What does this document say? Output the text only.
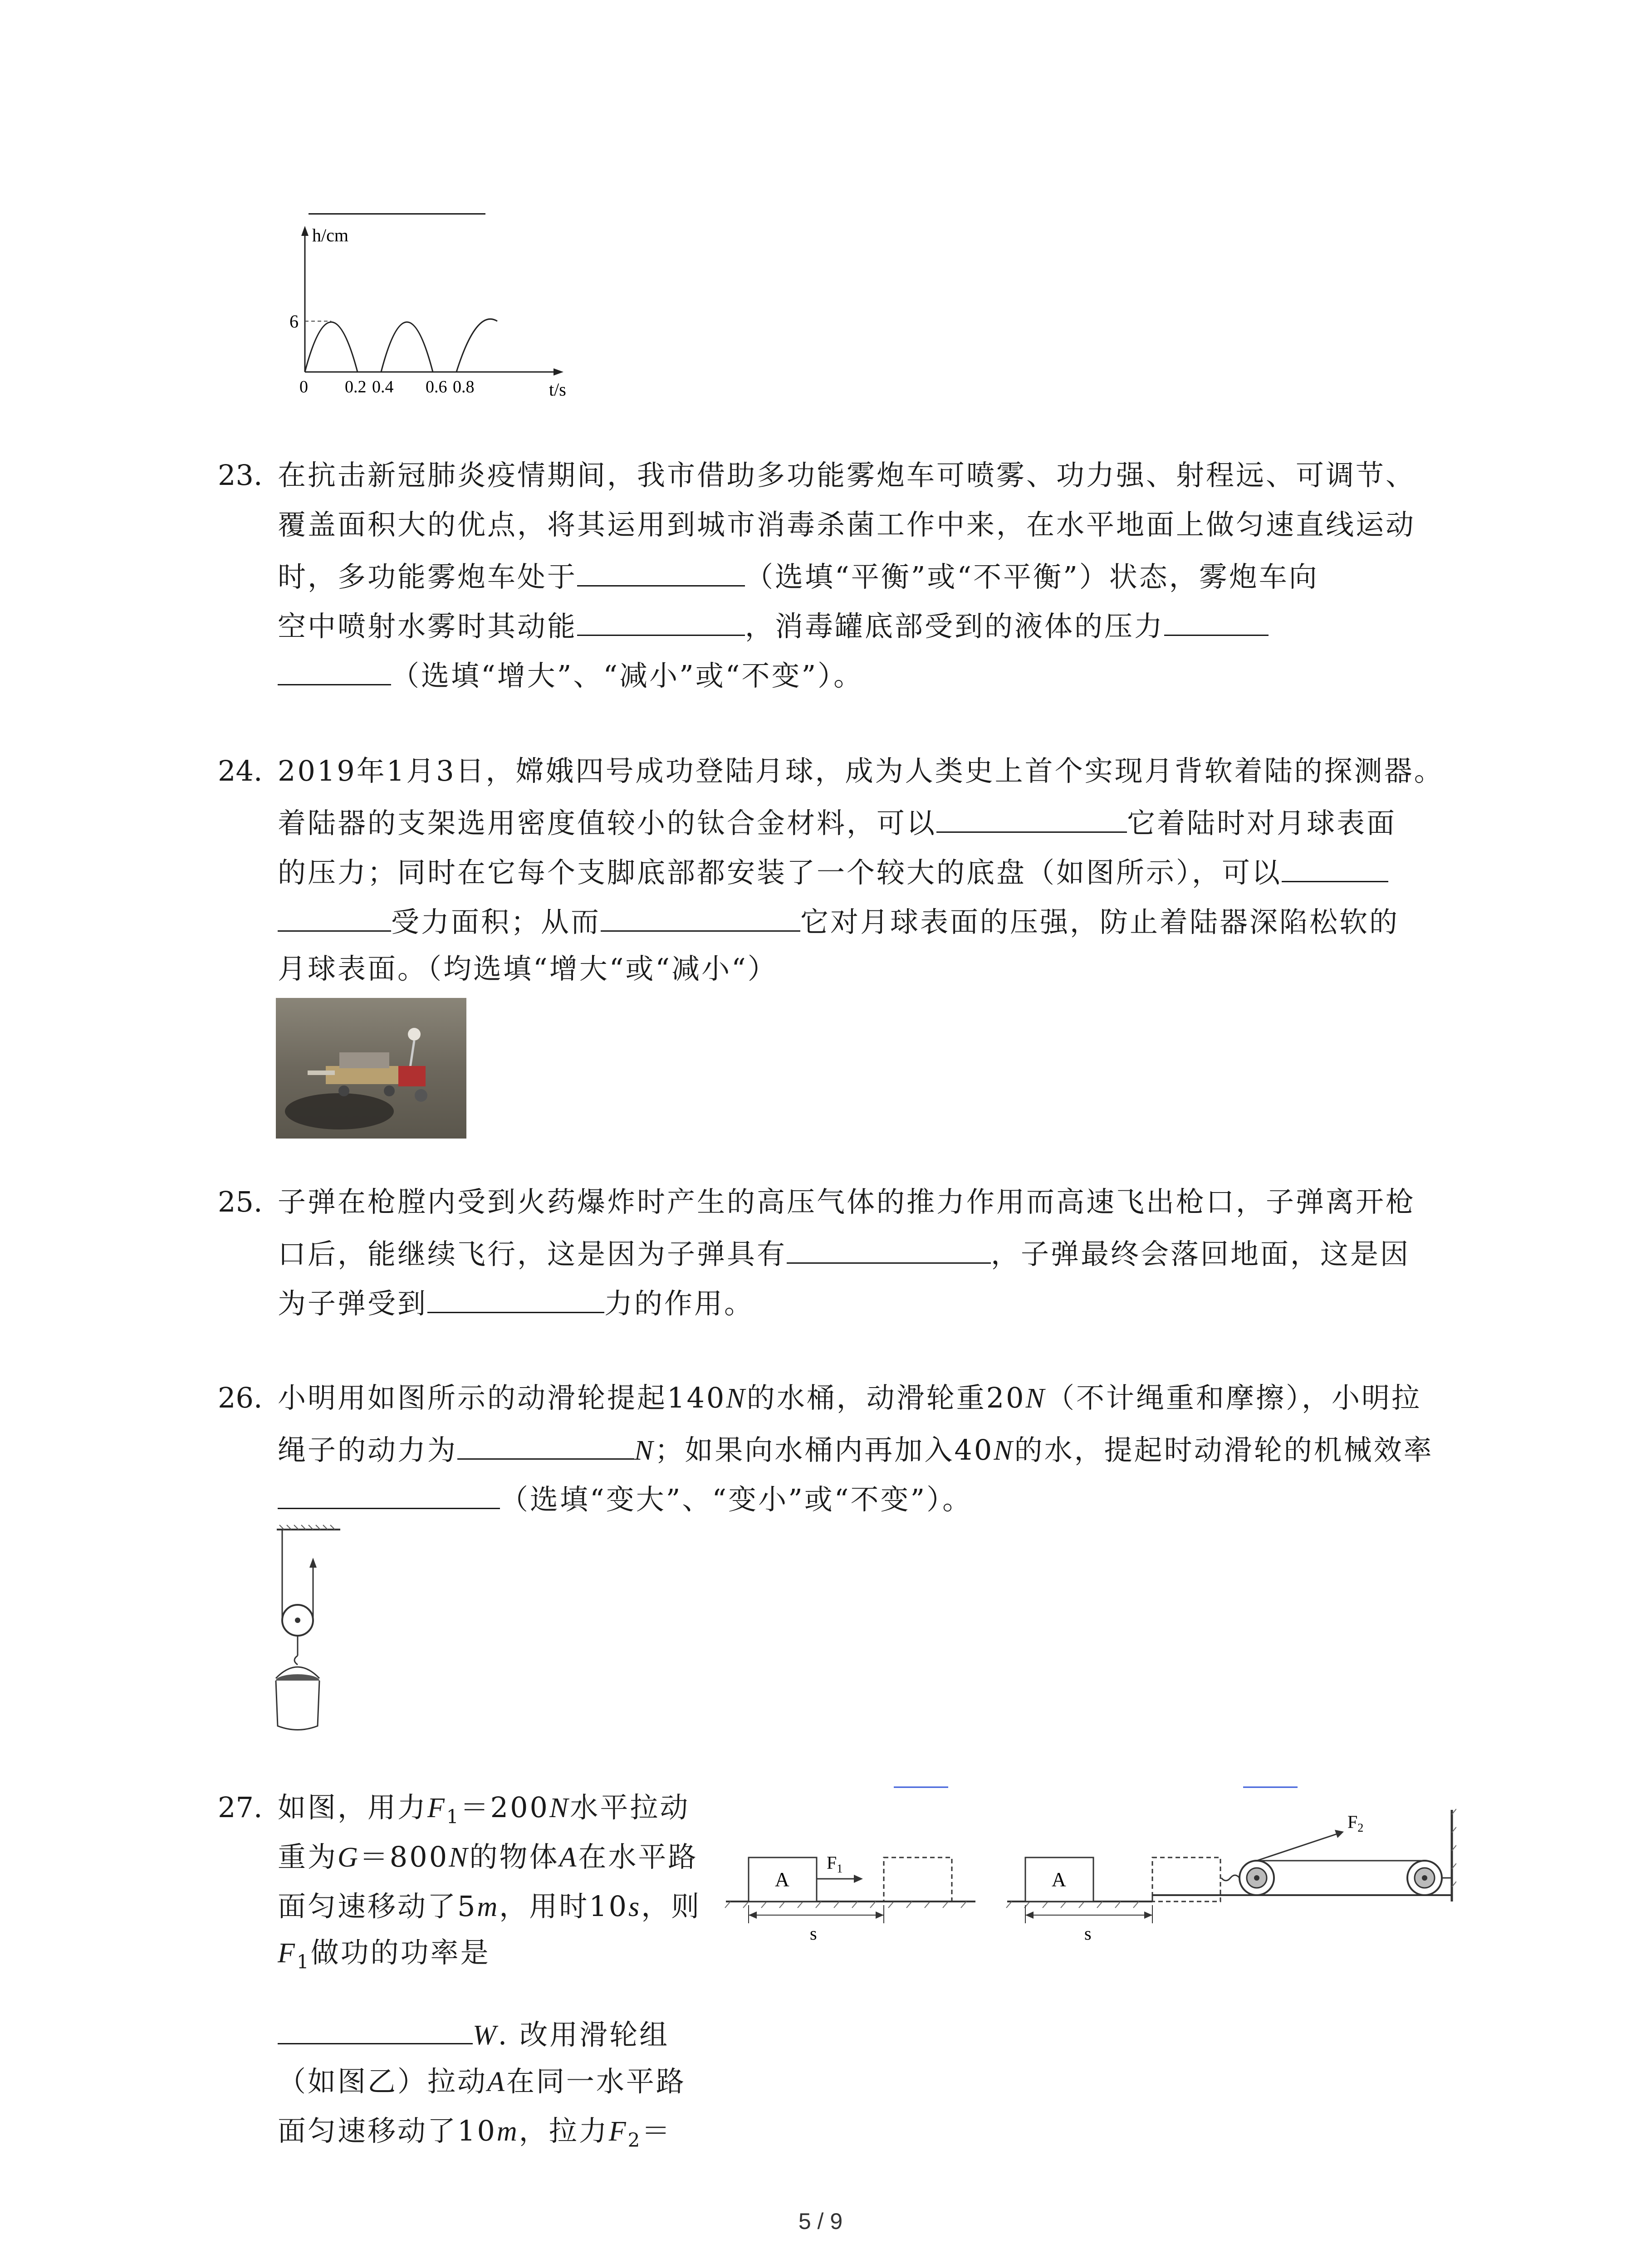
h/cm
6
0 0.2 0.4 0.6 0.8	t/s
23. 在抗击新冠肺炎疫情期间，我市借助多功能雾炮车可喷雾、功力强、射程远、可调节、
覆盖面积大的优点，将其运用到城市消毒杀菌工作中来，在水平地面上做匀速直线运动
时，多功能雾炮车处于	（选填“平衡”或“不平衡”）状态，雾炮车向
空中喷射水雾时其动能	，消毒罐底部受到的液体的压力
（选填“增大”、“减小”或“不变”）。
24. 2019年1月3日，嫦娥四号成功登陆月球，成为人类史上首个实现月背软着陆的探测器。
着陆器的支架选用密度值较小的钛合金材料，可以	它着陆时对月球表面
的压力；同时在它每个支脚底部都安装了一个较大的底盘（如图所示），可以
受力面积；从而	它对月球表面的压强，防止着陆器深陷松软的
月球表面。（均选填“增大“或“减小“）
25. 子弹在枪膛内受到火药爆炸时产生的高压气体的推力作用而高速飞出枪口，子弹离开枪
口后，能继续飞行，这是因为子弹具有	，子弹最终会落回地面，这是因
为子弹受到	力的作用。
26. 小明用如图所示的动滑轮提起140N的水桶，动滑轮重20N（不计绳重和摩擦），小明拉
绳子的动力为	N；如果向水桶内再加入40N的水，提起时动滑轮的机械效率
（选填“变大”、“变小”或“不变”）。
27. 如图，用力$F_1=200N$水平拉动
重为G＝800N的物体A在水平路
面匀速移动了5m，用时10s，则
$F_1$做功的功率是
W. 改用滑轮组
（如图乙）拉动A在同一水平路
面匀速移动了10m，拉力$F_2=$
A
$F_1$
s
A
$F_2$
s
5 / 9
